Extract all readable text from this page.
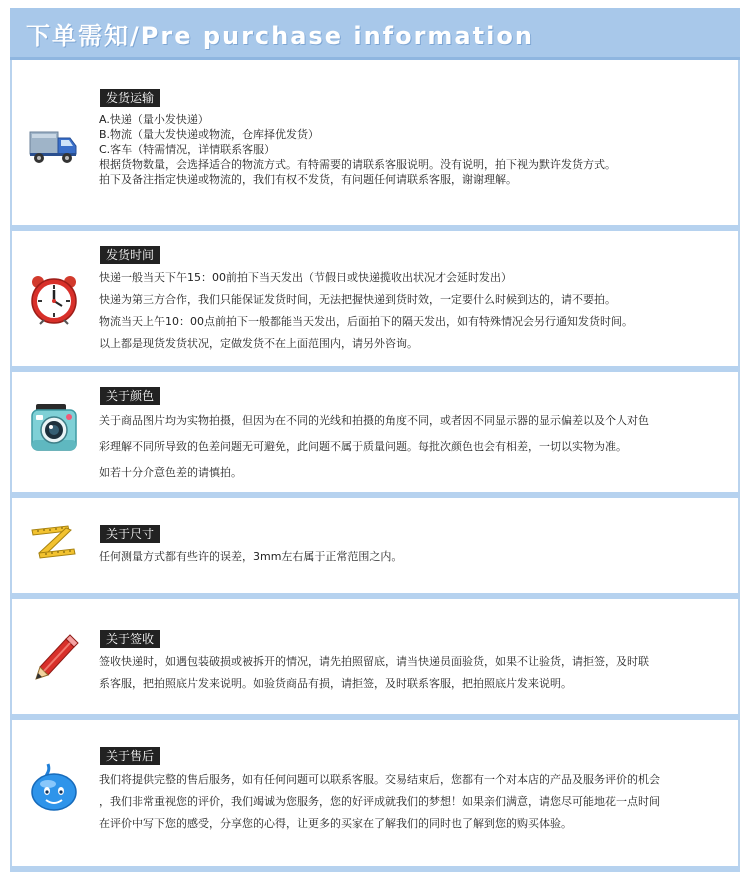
下单需知/Pre purchase information
发货运输
A.快递（量小发快递）
B.物流（量大发快递或物流，仓库择优发货）
C.客车（特需情况，详情联系客服）
根据货物数量，会选择适合的物流方式。有特需要的请联系客服说明。没有说明，拍下视为默许发货方式。
拍下及备注指定快递或物流的，我们有权不发货，有问题任何请联系客服，谢谢理解。
发货时间
快递一般当天下午15：00前拍下当天发出（节假日或快递揽收出状况才会延时发出）
快递为第三方合作，我们只能保证发货时间，无法把握快递到货时效，一定要什么时候到达的，请不要拍。
物流当天上午10：00点前拍下一般都能当天发出，后面拍下的隔天发出，如有特殊情况会另行通知发货时间。
以上都是现货发货状况，定做发货不在上面范围内，请另外咨询。
关于颜色
关于商品图片均为实物拍摄，但因为在不同的光线和拍摄的角度不同，或者因不同显示器的显示偏差以及个人对色
彩理解不同所导致的色差问题无可避免，此问题不属于质量问题。每批次颜色也会有相差，一切以实物为准。
如若十分介意色差的请慎拍。
关于尺寸
任何测量方式都有些许的误差，3mm左右属于正常范围之内。
关于签收
签收快递时，如遇包装破损或被拆开的情况，请先拍照留底，请当快递员面验货，如果不让验货，请拒签，及时联
系客服，把拍照底片发来说明。如验货商品有损，请拒签，及时联系客服，把拍照底片发来说明。
关于售后
我们将提供完整的售后服务，如有任何问题可以联系客服。交易结束后，您都有一个对本店的产品及服务评价的机会
，我们非常重视您的评价，我们竭诚为您服务，您的好评成就我们的梦想！如果亲们满意，请您尽可能地花一点时间
在评价中写下您的感受，分享您的心得，让更多的买家在了解我们的同时也了解到您的购买体验。
